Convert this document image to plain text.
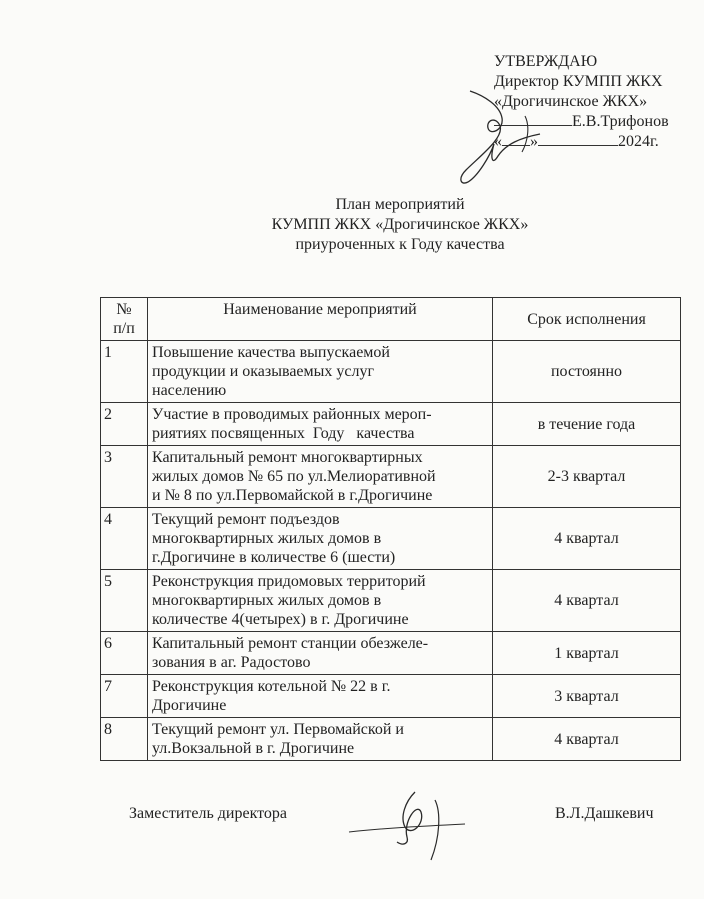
УТВЕРЖДАЮ
Директор КУМПП ЖКХ
«Дрогичинское ЖКХ»
Е.В.Трифонов
« »	2024г.
План мероприятий
КУМПП ЖКХ «Дрогичинское ЖКХ»
приуроченных к Году качества
№
п/п	Наименование мероприятий	Срок исполнения
1	Повышение качества выпускаемой
продукции и оказываемых услуг
населению	постоянно
2	Участие в проводимых районных мероп-
риятиях посвященных  Году   качества	в течение года
3	Капитальный ремонт многоквартирных
жилых домов № 65 по ул.Мелиоративной
и № 8 по ул.Первомайской в г.Дрогичине	2-3 квартал
4	Текущий ремонт подъездов
многоквартирных жилых домов в
г.Дрогичине в количестве 6 (шести)	4 квартал
5	Реконструкция придомовых территорий
многоквартирных жилых домов в
количестве 4(четырех) в г. Дрогичине	4 квартал
6	Капитальный ремонт станции обезжеле-
зования в аг. Радостово	1 квартал
7	Реконструкция котельной № 22 в г.
Дрогичине	3 квартал
8	Текущий ремонт ул. Первомайской и
ул.Вокзальной в г. Дрогичине	4 квартал
Заместитель директора	В.Л.Дашкевич
